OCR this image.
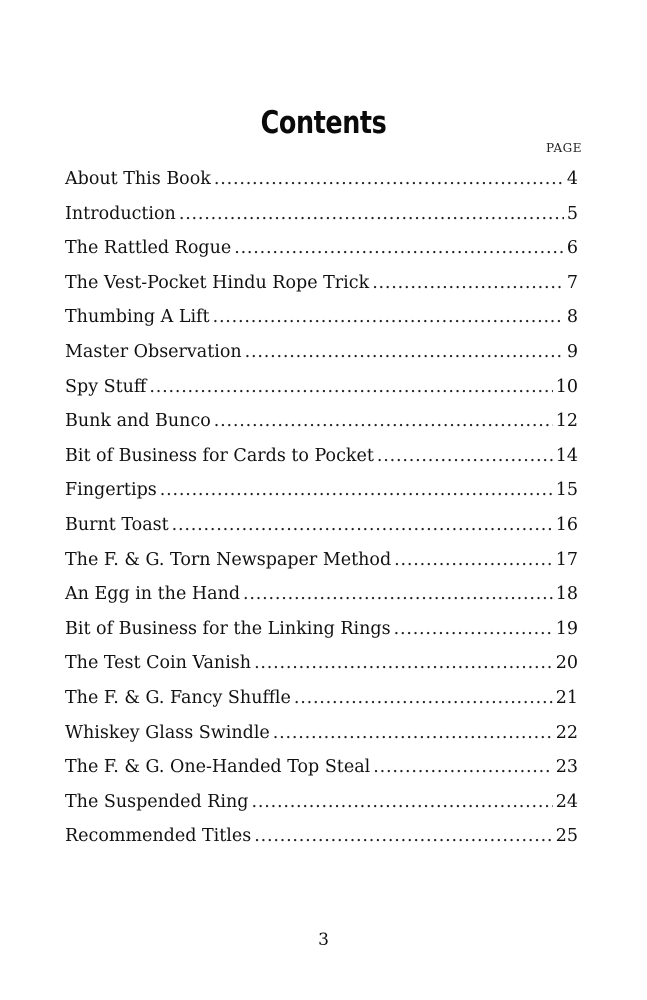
Contents
PAGE
About This Book .....	4
Introduction .....	5
The Rattled Rogue .....	6
The Vest-Pocket Hindu Rope Trick .....	7
Thumbing A Lift .....	8
Master Observation .....	9
Spy Stuff .....	10
Bunk and Bunco .....	12
Bit of Business for Cards to Pocket .....	14
Fingertips .....	15
Burnt Toast .....	16
The F. & G. Torn Newspaper Method .....	17
An Egg in the Hand .....	18
Bit of Business for the Linking Rings .....	19
The Test Coin Vanish .....	20
The F. & G. Fancy Shuffle .....	21
Whiskey Glass Swindle .....	22
The F. & G. One-Handed Top Steal .....	23
The Suspended Ring .....	24
Recommended Titles .....	25
3
